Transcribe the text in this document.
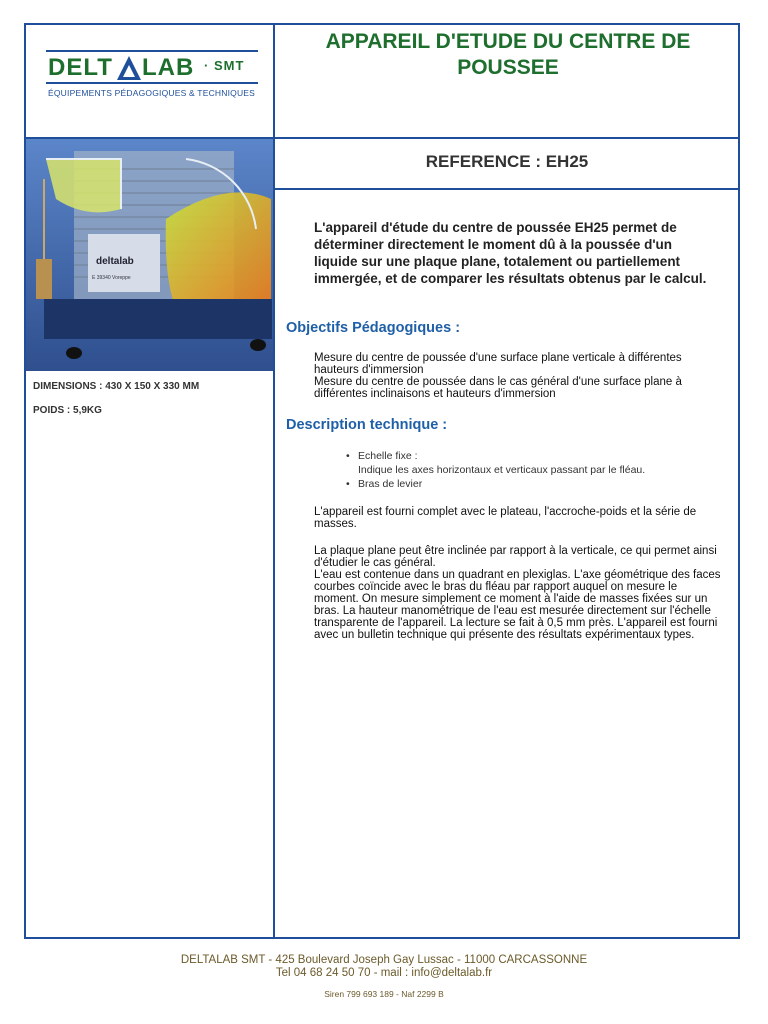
DELT LAB · SMT
ÉQUIPEMENTS PÉDAGOGIQUES & TECHNIQUES
APPAREIL D'ETUDE DU CENTRE DE POUSSEE
REFERENCE : EH25
deltalab
E 39340 Voreppe
DIMENSIONS : 430 X 150 X 330 MM
POIDS : 5,9KG
L'appareil d'étude du centre de poussée EH25 permet de déterminer directement le moment dû à la poussée d'un liquide sur une plaque plane, totalement ou partiellement immergée, et de comparer les résultats obtenus par le calcul.
Objectifs Pédagogiques :
Mesure du centre de poussée d'une surface plane verticale à différentes hauteurs d'immersion
Mesure du centre de poussée dans le cas général d'une surface plane à différentes inclinaisons et hauteurs d'immersion
Description technique :
• Echelle fixe :
Indique les axes horizontaux et verticaux passant par le fléau.
• Bras de levier
L'appareil est fourni complet avec le plateau, l'accroche-poids et la série de masses.
La plaque plane peut être inclinée par rapport à la verticale, ce qui permet ainsi d'étudier le cas général.
L'eau est contenue dans un quadrant en plexiglas. L'axe géométrique des faces courbes coïncide avec le bras du fléau par rapport auquel on mesure le moment. On mesure simplement ce moment à l'aide de masses fixées sur un bras. La hauteur manométrique de l'eau est mesurée directement sur l'échelle transparente de l'appareil. La lecture se fait à 0,5 mm près. L'appareil est fourni avec un bulletin technique qui présente des résultats expérimentaux types.
DELTALAB SMT - 425 Boulevard Joseph Gay Lussac - 11000 CARCASSONNE
Tel 04 68 24 50 70 - mail : info@deltalab.fr
Siren 799 693 189 - Naf 2299 B
